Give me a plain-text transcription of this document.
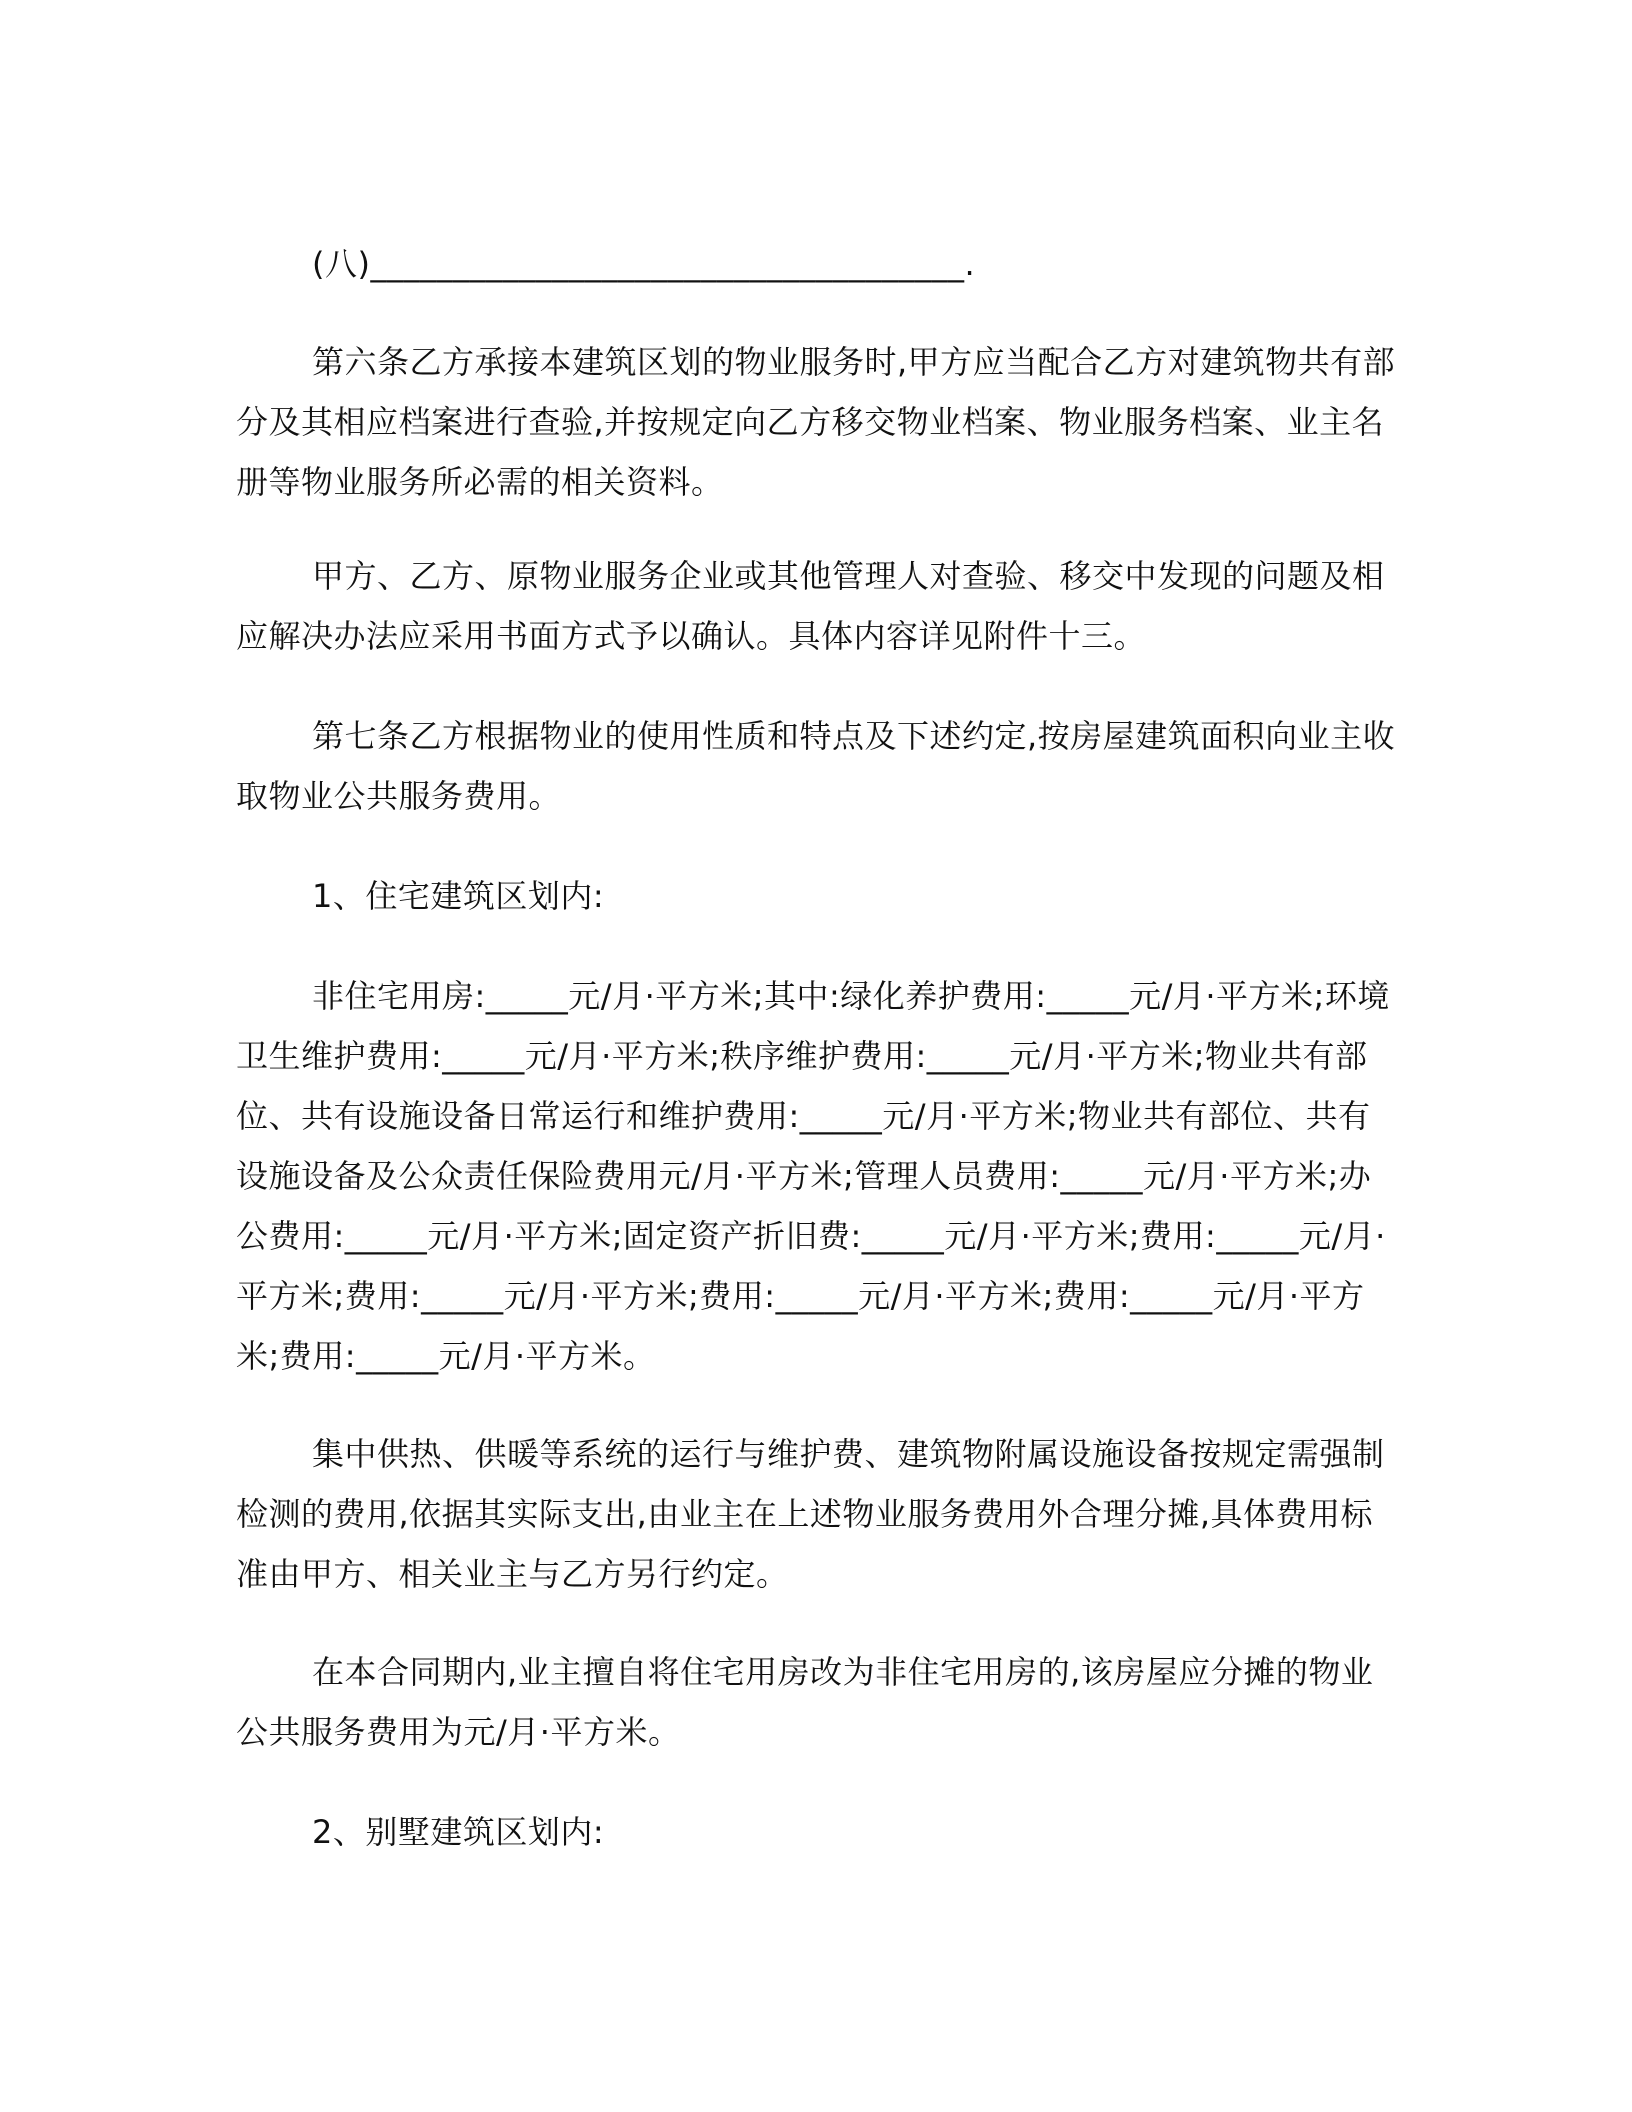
(八)____________________________________.

第六条乙方承接本建筑区划的物业服务时,甲方应当配合乙方对建筑物共有部分及其相应档案进行查验,并按规定向乙方移交物业档案、物业服务档案、业主名册等物业服务所必需的相关资料。

甲方、乙方、原物业服务企业或其他管理人对查验、移交中发现的问题及相应解决办法应采用书面方式予以确认。具体内容详见附件十三。

第七条乙方根据物业的使用性质和特点及下述约定,按房屋建筑面积向业主收取物业公共服务费用。

1、住宅建筑区划内:

非住宅用房:_____元/月·平方米;其中:绿化养护费用:_____元/月·平方米;环境卫生维护费用:_____元/月·平方米;秩序维护费用:_____元/月·平方米;物业共有部位、共有设施设备日常运行和维护费用:_____元/月·平方米;物业共有部位、共有设施设备及公众责任保险费用元/月·平方米;管理人员费用:_____元/月·平方米;办公费用:_____元/月·平方米;固定资产折旧费:_____元/月·平方米;费用:_____元/月·平方米;费用:_____元/月·平方米;费用:_____元/月·平方米;费用:_____元/月·平方米;费用:_____元/月·平方米。

集中供热、供暖等系统的运行与维护费、建筑物附属设施设备按规定需强制检测的费用,依据其实际支出,由业主在上述物业服务费用外合理分摊,具体费用标准由甲方、相关业主与乙方另行约定。

在本合同期内,业主擅自将住宅用房改为非住宅用房的,该房屋应分摊的物业公共服务费用为元/月·平方米。

2、别墅建筑区划内:
